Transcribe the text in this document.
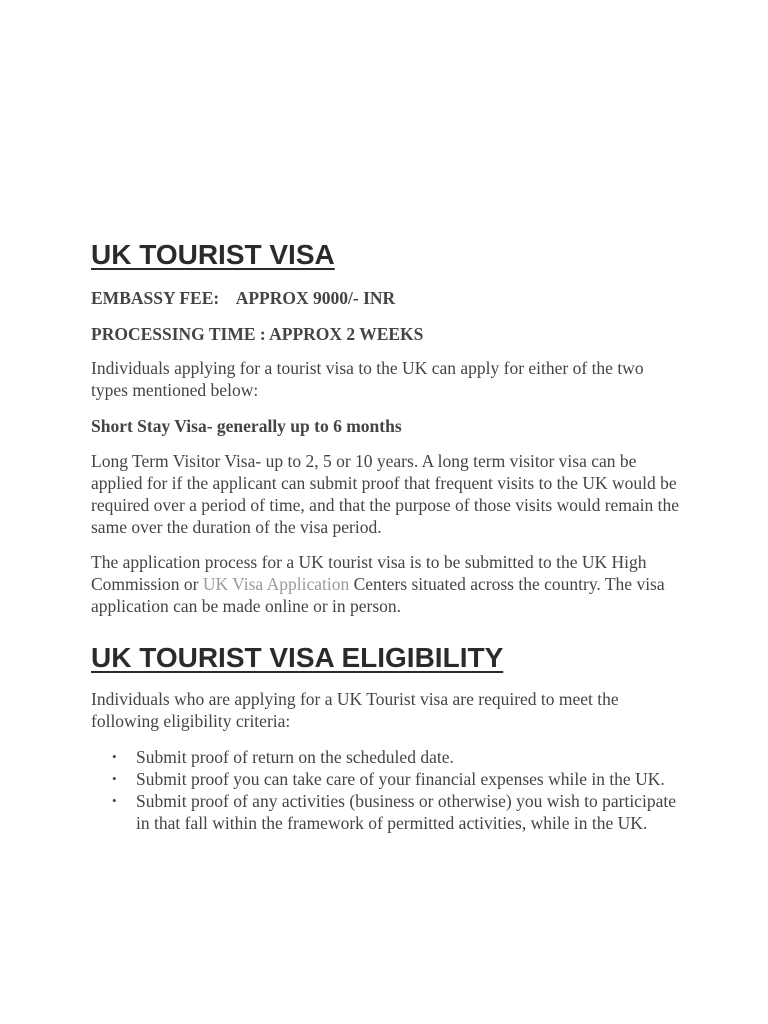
UK TOURIST VISA

EMBASSY FEE:    APPROX 9000/- INR

PROCESSING TIME : APPROX 2 WEEKS

Individuals applying for a tourist visa to the UK can apply for either of the two types mentioned below:

Short Stay Visa- generally up to 6 months

Long Term Visitor Visa- up to 2, 5 or 10 years. A long term visitor visa can be applied for if the applicant can submit proof that frequent visits to the UK would be required over a period of time, and that the purpose of those visits would remain the same over the duration of the visa period.

The application process for a UK tourist visa is to be submitted to the UK High Commission or UK Visa Application Centers situated across the country. The visa application can be made online or in person.

UK TOURIST VISA ELIGIBILITY

Individuals who are applying for a UK Tourist visa are required to meet the following eligibility criteria:

• Submit proof of return on the scheduled date.
• Submit proof you can take care of your financial expenses while in the UK.
• Submit proof of any activities (business or otherwise) you wish to participate in that fall within the framework of permitted activities, while in the UK.
